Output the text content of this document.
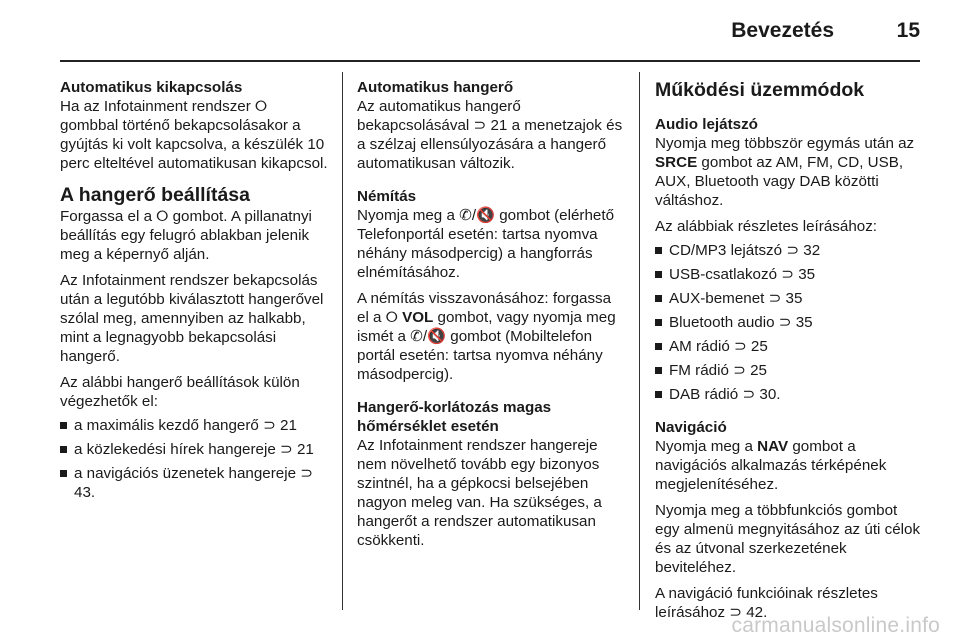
Bevezetés	15
Automatikus kikapcsolás

Ha az Infotainment rendszer ⭘ gombbal történő bekapcsolásakor a gyújtás ki volt kapcsolva, a készülék 10 perc elteltével automatikusan kikapcsol.

A hangerő beállítása

Forgassa el a ⭘ gombot. A pillanatnyi beállítás egy felugró ablakban jelenik meg a képernyő alján.

Az Infotainment rendszer bekapcsolás után a legutóbb kiválasztott hangerővel szólal meg, amennyiben az halkabb, mint a legnagyobb bekapcsolási hangerő.

Az alábbi hangerő beállítások külön végezhetők el:

a maximális kezdő hangerő ⊃ 21
a közlekedési hírek hangereje ⊃ 21
a navigációs üzenetek hangereje ⊃ 43.
Automatikus hangerő

Az automatikus hangerő bekapcsolásával ⊃ 21 a menetzajok és a szélzaj ellensúlyozására a hangerő automatikusan változik.

Némítás

Nyomja meg a ✆/🔇 gombot (elérhető Telefonportál esetén: tartsa nyomva néhány másodpercig) a hangforrás elnémításához.

A némítás visszavonásához: forgassa el a ⭘ VOL gombot, vagy nyomja meg ismét a ✆/🔇 gombot (Mobiltelefon portál esetén: tartsa nyomva néhány másodpercig).

Hangerő-korlátozás magas hőmérséklet esetén

Az Infotainment rendszer hangereje nem növelhető tovább egy bizonyos szintnél, ha a gépkocsi belsejében nagyon meleg van. Ha szükséges, a hangerőt a rendszer automatikusan csökkenti.

Működési üzemmódok
Audio lejátszó

Nyomja meg többször egymás után az SRCE gombot az AM, FM, CD, USB, AUX, Bluetooth vagy DAB közötti váltáshoz.

Az alábbiak részletes leírásához:

CD/MP3 lejátszó ⊃ 32
USB-csatlakozó ⊃ 35
AUX-bemenet ⊃ 35
Bluetooth audio ⊃ 35
AM rádió ⊃ 25
FM rádió ⊃ 25
DAB rádió ⊃ 30.
Navigáció

Nyomja meg a NAV gombot a navigációs alkalmazás térképének megjelenítéséhez.

Nyomja meg a többfunkciós gombot egy almenü megnyitásához az úti célok és az útvonal szerkezetének beviteléhez.

A navigáció funkcióinak részletes leírásához ⊃ 42.

carmanualsonline.info
